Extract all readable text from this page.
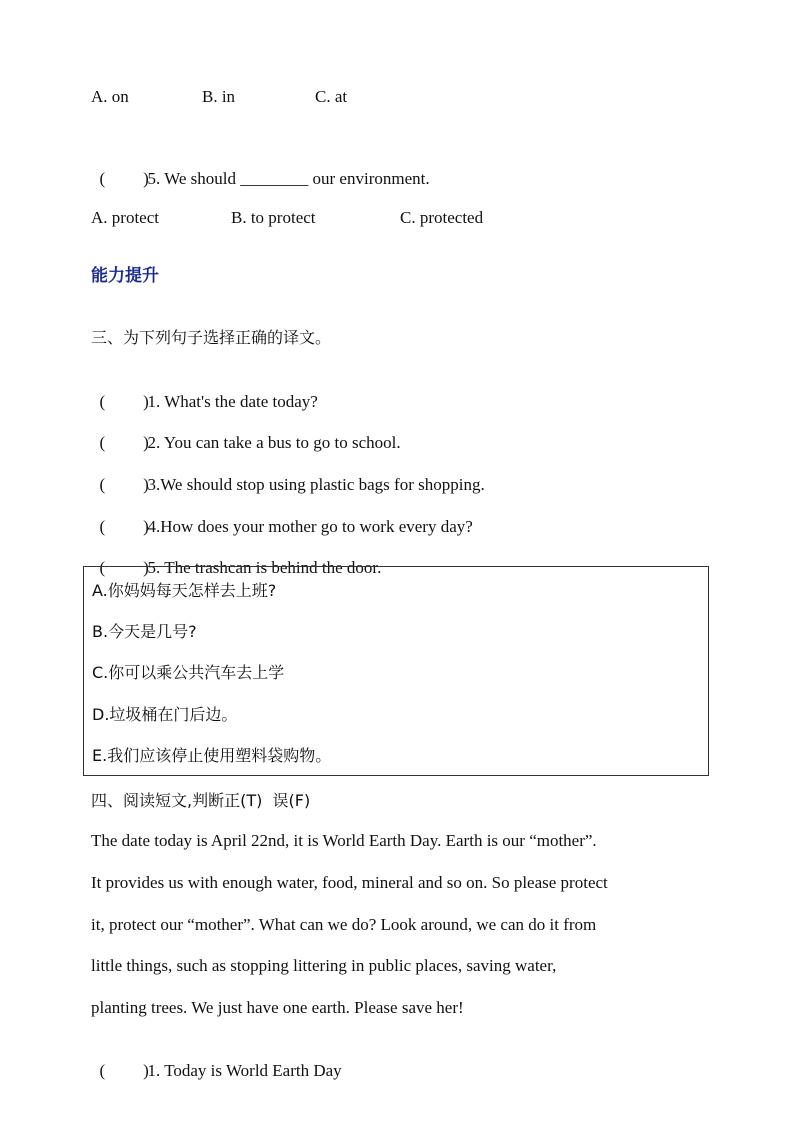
A. on	B. in	C. at

( )5. We should ________ our environment.

A. protect	B. to protect	C. protected
能力提升
三、为下列句子选择正确的译文。

( )1. What's the date today?

( )2. You can take a bus to go to school.

( )3.We should stop using plastic bags for shopping.

( )4.How does your mother go to work every day?

( )5. The trashcan is behind the door.

A.你妈妈每天怎样去上班?
B.今天是几号?
C.你可以乘公共汽车去上学
D.垃圾桶在门后边。
E.我们应该停止使用塑料袋购物。
四、阅读短文,判断正(T)  误(F)
The date today is April 22nd, it is World Earth Day. Earth is our “mother”.
It provides us with enough water, food, mineral and so on. So please protect
it, protect our “mother”. What can we do? Look around, we can do it from
little things, such as stopping littering in public places, saving water,
planting trees. We just have one earth. Please save her!

( )1. Today is World Earth Day
